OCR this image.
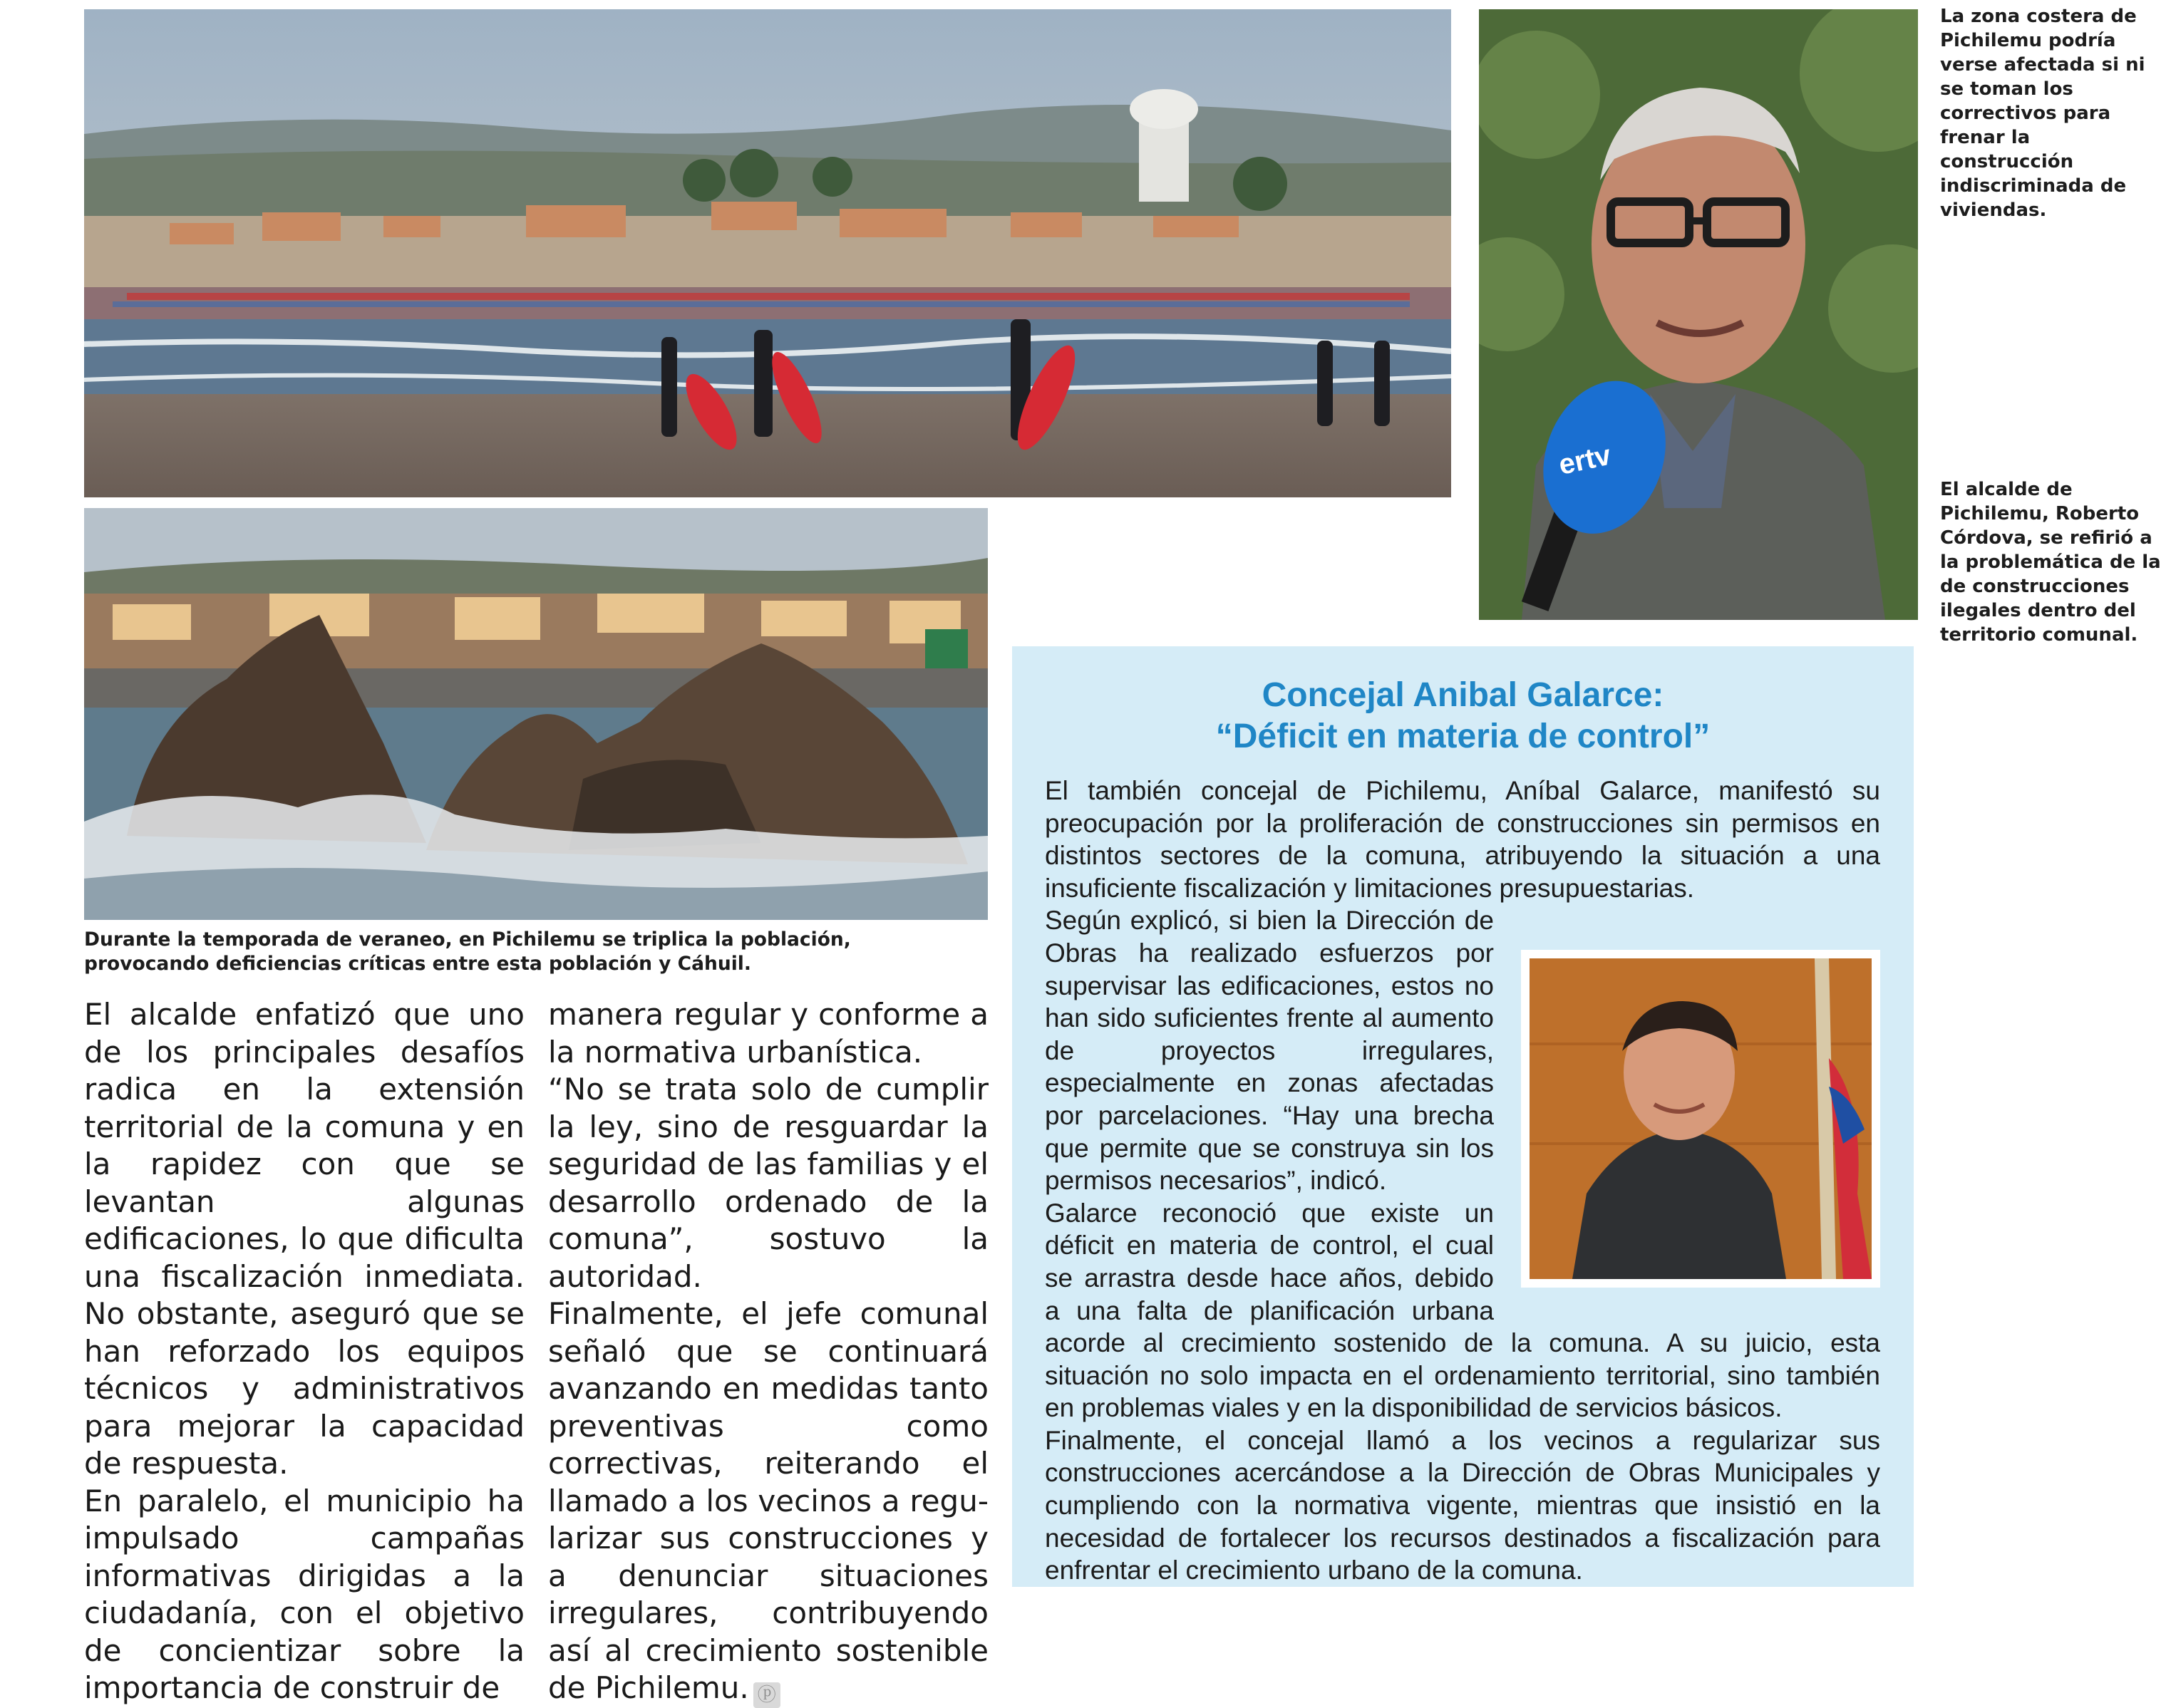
ertv
La zona costera de Pichilemu podría verse afectada si ni se toman los correctivos para frenar la construcción indiscriminada de viviendas.
El alcalde de Pichilemu, Roberto Córdova, se refirió a la problemática de la de construcciones ilegales dentro del territorio comunal.
Durante la temporada de veraneo, en Pichilemu se triplica la población,
provocando deficiencias críticas entre esta población y Cáhuil.

El alcalde enfatizó que uno de los principales desafíos radica en la extensión territorial de la comuna y en la rapidez con que se levantan algunas edificaciones, lo que dificulta una fiscalización inmediata. No obstante, aseguró que se han reforzado los equipos técnicos y administrativos para mejorar la capacidad de respuesta.

En paralelo, el municipio ha impulsado campañas informativas dirigidas a la ciudadanía, con el objetivo de concientizar sobre la importancia de construir de

manera regular y conforme a la normativa urbanística.

“No se trata solo de cumplir la ley, sino de resguardar la seguridad de las familias y el desarrollo ordenado de la comuna”, sostuvo la autoridad.

Finalmente, el jefe comunal señaló que se continuará avanzando en medidas tanto preventivas como correctivas, reiterando el llamado a los vecinos a regularizar sus construcciones y a denunciar situaciones irregulares, contribuyendo así al crecimiento sostenible de Pichilemu. ⓟ

Concejal Anibal Galarce:
“Déficit en materia de control”

El también concejal de Pichilemu, Aníbal Galarce, manifestó su preocupación por la proliferación de construcciones sin permisos en distintos sectores de la comuna, atribuyendo la situación a una insuficiente fiscalización y limitaciones presupuestarias.

Según explicó, si bien la Dirección de Obras ha realizado esfuerzos por supervisar las edificaciones, estos no han sido suficientes frente al aumento de proyectos irregulares, especialmente en zonas afectadas por parcelaciones. “Hay una brecha que permite que se construya sin los permisos necesarios”, indicó.

Galarce reconoció que existe un déficit en materia de control, el cual se arrastra desde hace años, debido a una falta de planificación urbana acorde al crecimiento sostenido de la comuna. A su juicio, esta situación no solo impacta en el ordenamiento territorial, sino también en problemas viales y en la disponibilidad de servicios básicos.

Finalmente, el concejal llamó a los vecinos a regularizar sus construcciones acercándose a la Dirección de Obras Municipales y cumpliendo con la normativa vigente, mientras que insistió en la necesidad de fortalecer los recursos destinados a fiscalización para enfrentar el crecimiento urbano de la comuna.
